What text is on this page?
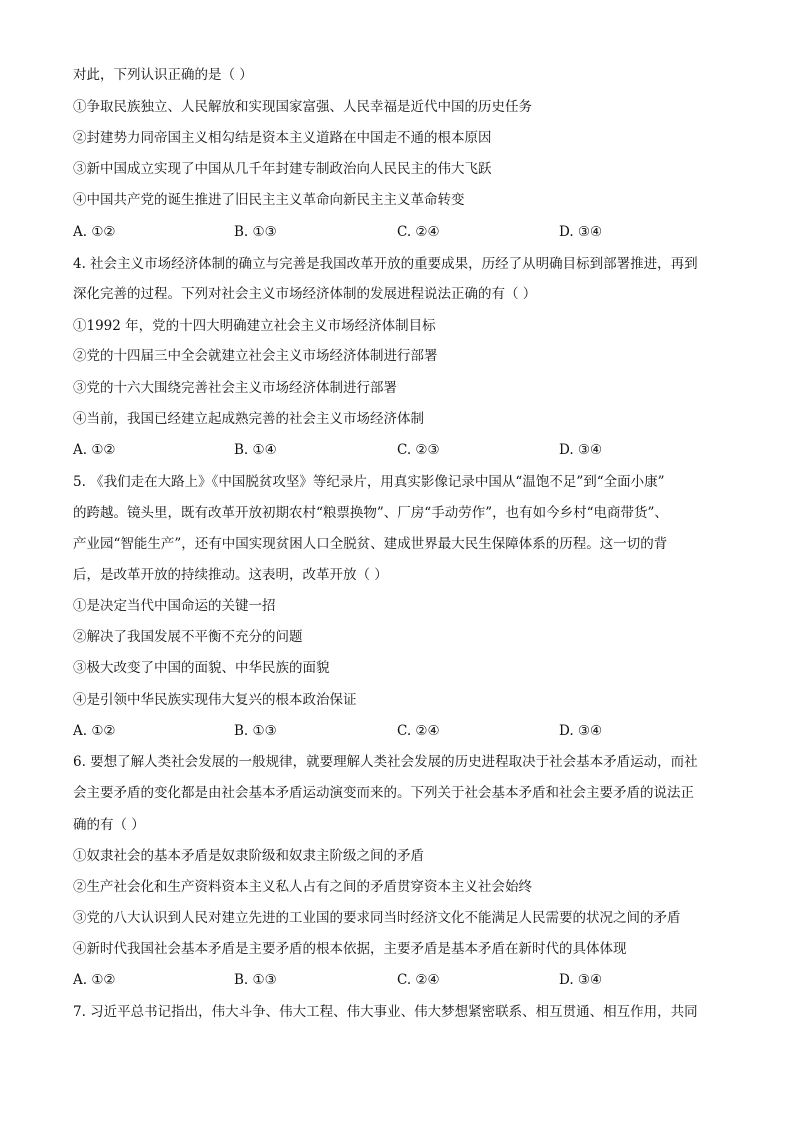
对此，下列认识正确的是（ ）
①争取民族独立、人民解放和实现国家富强、人民幸福是近代中国的历史任务
②封建势力同帝国主义相勾结是资本主义道路在中国走不通的根本原因
③新中国成立实现了中国从几千年封建专制政治向人民民主的伟大飞跃
④中国共产党的诞生推进了旧民主主义革命向新民主主义革命转变
A. ①②	B. ①③	C. ②④	D. ③④
4. 社会主义市场经济体制的确立与完善是我国改革开放的重要成果，历经了从明确目标到部署推进，再到
深化完善的过程。下列对社会主义市场经济体制的发展进程说法正确的有（ ）
①1992 年，党的十四大明确建立社会主义市场经济体制目标
②党的十四届三中全会就建立社会主义市场经济体制进行部署
③党的十六大围绕完善社会主义市场经济体制进行部署
④当前，我国已经建立起成熟完善的社会主义市场经济体制
A. ①②	B. ①④	C. ②③	D. ③④
5. 《我们走在大路上》《中国脱贫攻坚》等纪录片，用真实影像记录中国从“温饱不足”到“全面小康”
的跨越。镜头里，既有改革开放初期农村“粮票换物”、厂房“手动劳作”，也有如今乡村“电商带货”、
产业园“智能生产”，还有中国实现贫困人口全脱贫、建成世界最大民生保障体系的历程。这一切的背
后，是改革开放的持续推动。这表明，改革开放（ ）
①是决定当代中国命运的关键一招
②解决了我国发展不平衡不充分的问题
③极大改变了中国的面貌、中华民族的面貌
④是引领中华民族实现伟大复兴的根本政治保证
A. ①②	B. ①③	C. ②④	D. ③④
6. 要想了解人类社会发展的一般规律，就要理解人类社会发展的历史进程取决于社会基本矛盾运动，而社
会主要矛盾的变化都是由社会基本矛盾运动演变而来的。下列关于社会基本矛盾和社会主要矛盾的说法正
确的有（ ）
①奴隶社会的基本矛盾是奴隶阶级和奴隶主阶级之间的矛盾
②生产社会化和生产资料资本主义私人占有之间的矛盾贯穿资本主义社会始终
③党的八大认识到人民对建立先进的工业国的要求同当时经济文化不能满足人民需要的状况之间的矛盾
④新时代我国社会基本矛盾是主要矛盾的根本依据，主要矛盾是基本矛盾在新时代的具体体现
A. ①②	B. ①③	C. ②④	D. ③④
7. 习近平总书记指出，伟大斗争、伟大工程、伟大事业、伟大梦想紧密联系、相互贯通、相互作用，共同
